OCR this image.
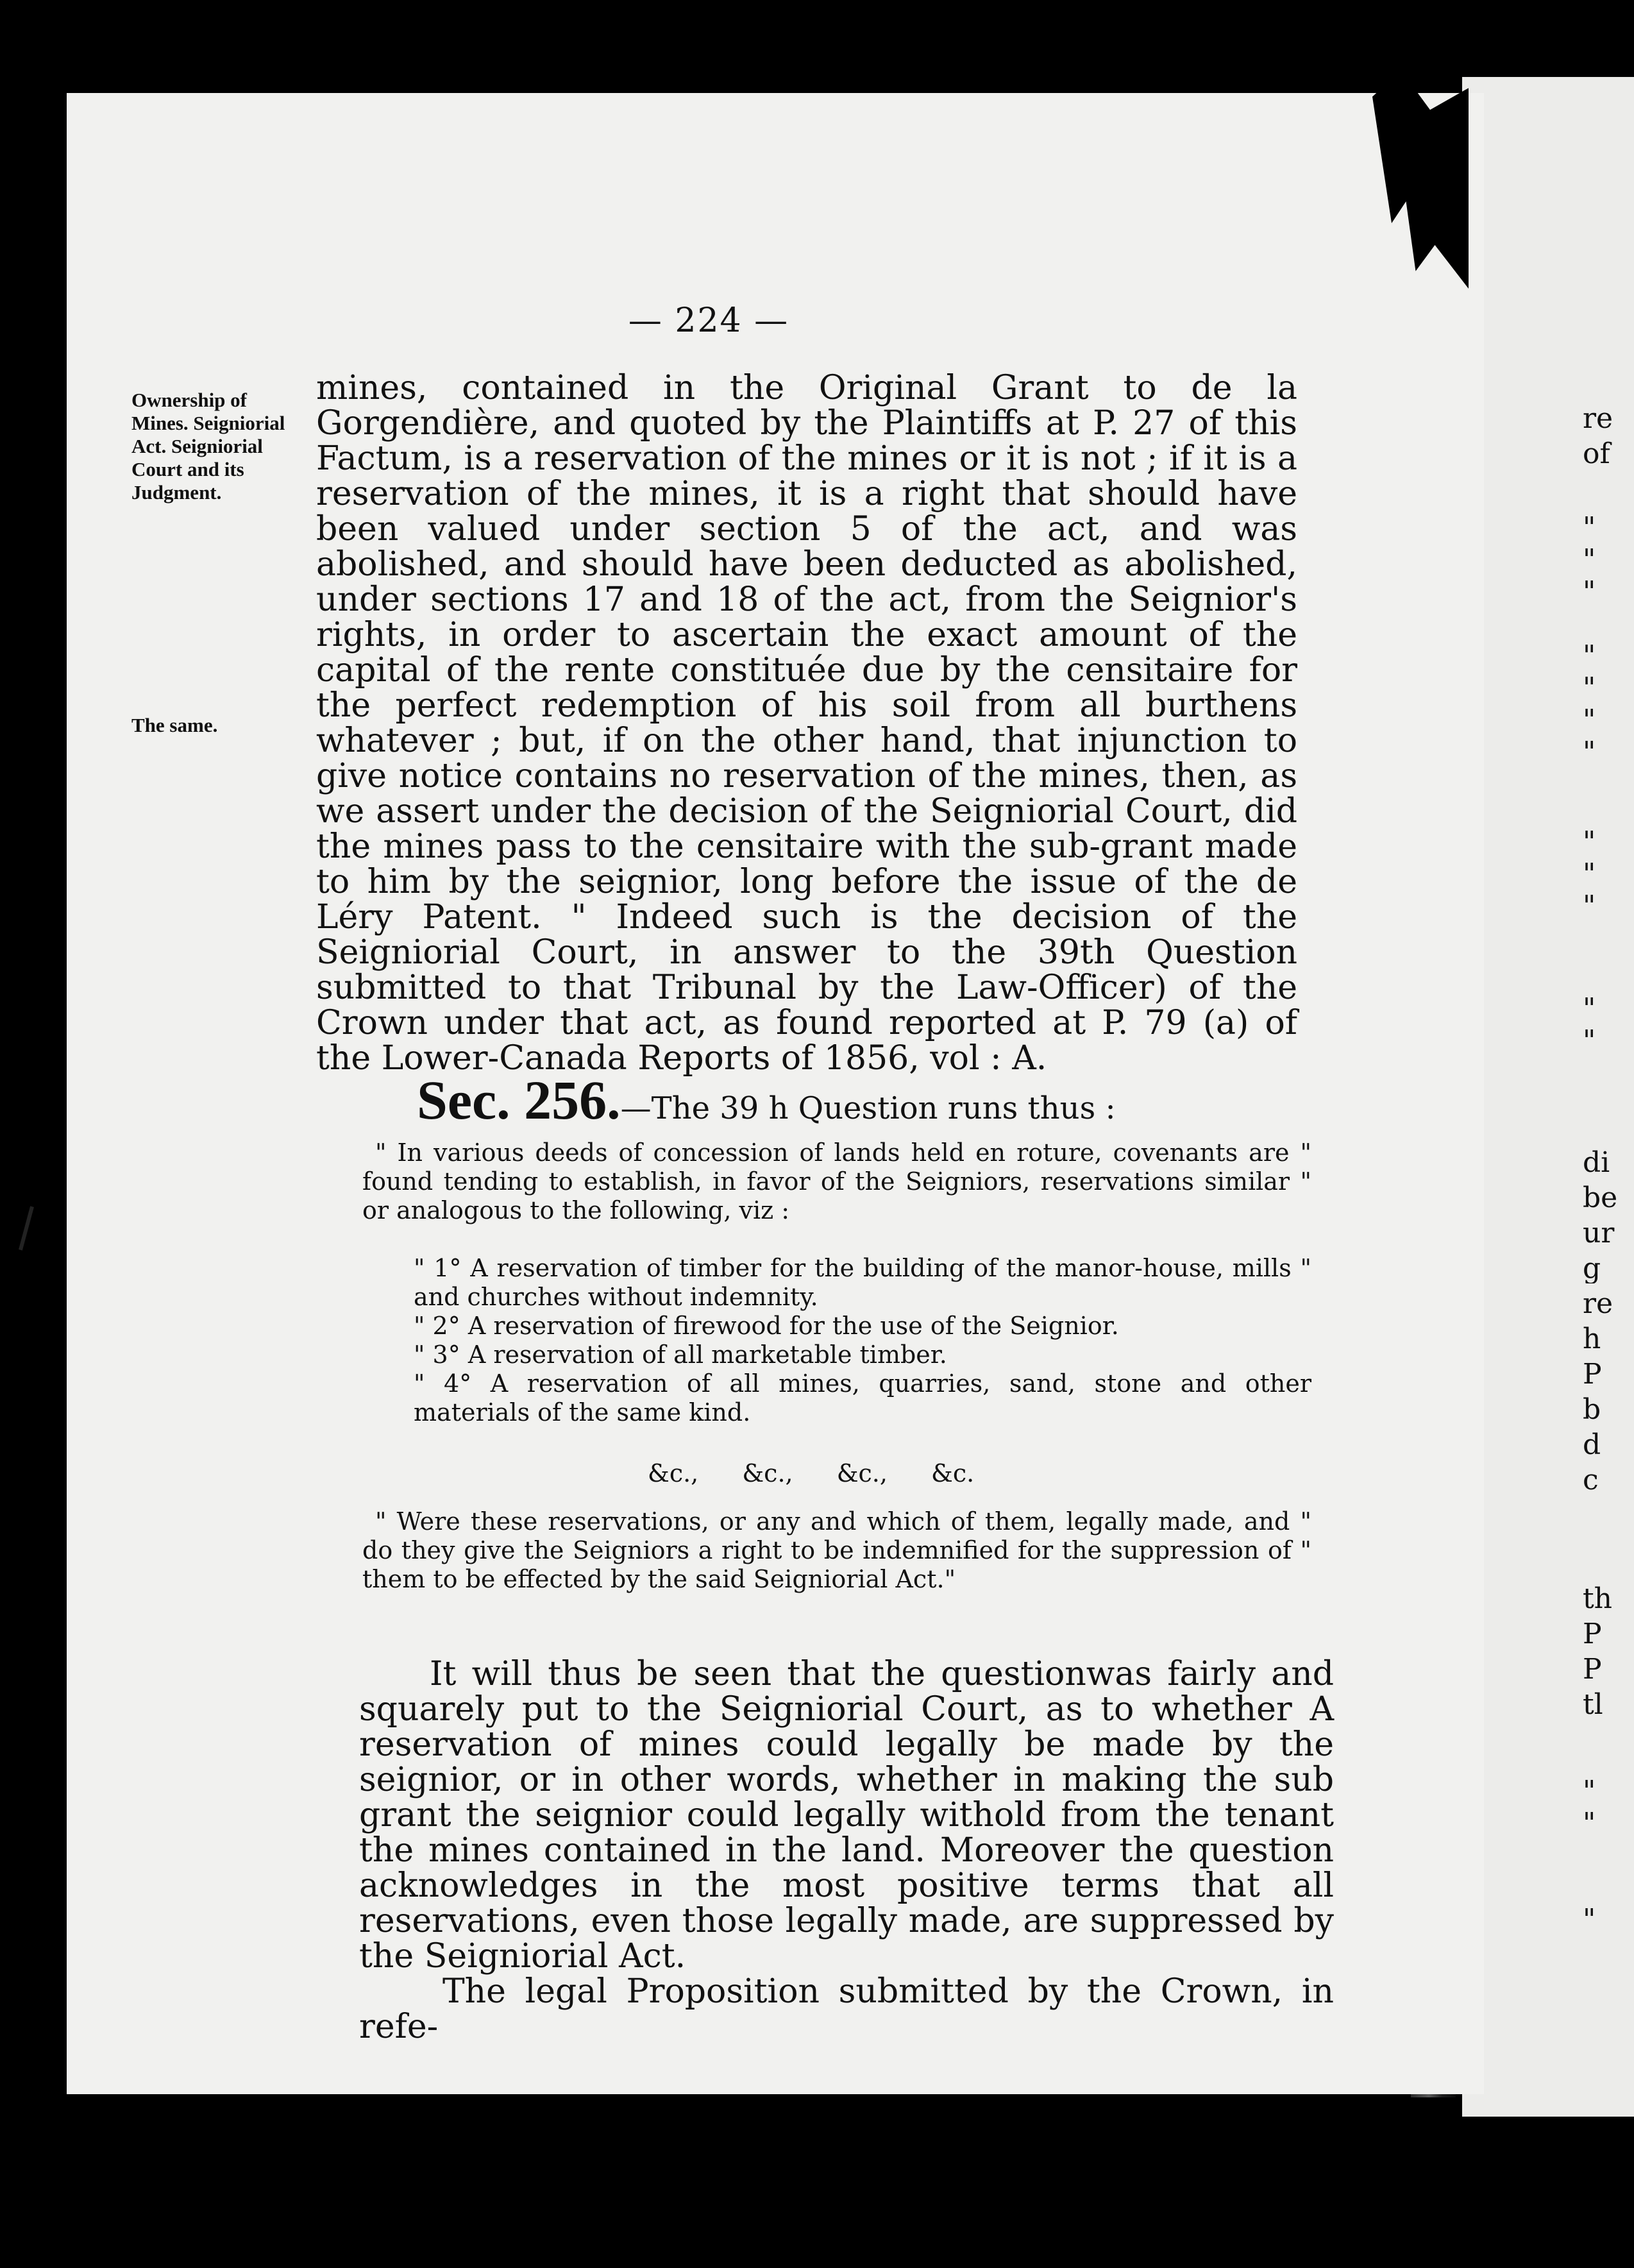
— 224 —
Ownership of Mines. Seigniorial Act. Seigniorial Court and its Judgment.
The same.

mines, contained in the Original Grant to de la Gorgendière, and quoted by the Plaintiffs at P. 27 of this Factum, is a reservation of the mines or it is not ; if it is a reservation of the mines, it is a right that should have been valued under section 5 of the act, and was abolished, and should have been deducted as abolished, under sections 17 and 18 of the act, from the Seignior's rights, in order to ascertain the exact amount of the capital of the rente constituée due by the censitaire for the perfect redemption of his soil from all burthens whatever ; but, if on the other hand, that injunction to give notice contains no reservation of the mines, then, as we assert under the decision of the Seigniorial Court, did the mines pass to the censitaire with the sub-grant made to him by the seignior, long before the issue of the de Léry Patent. " Indeed such is the decision of the Seigniorial Court, in answer to the 39th Question submitted to that Tribunal by the Law-Officer) of the Crown under that act, as found reported at P. 79 (a) of the Lower-Canada Reports of 1856, vol : A.

Sec. 256.—The 39 h Question runs thus :

" In various deeds of concession of lands held en roture, covenants are " found tending to establish, in favor of the Seigniors, reservations similar " or analogous to the following, viz :

" 1° A reservation of timber for the building of the manor-house, mills " and churches without indemnity.

" 2° A reservation of firewood for the use of the Seignior.

" 3° A reservation of all marketable timber.

" 4° A reservation of all mines, quarries, sand, stone and other materials of the same kind.

&c., &c., &c., &c.

" Were these reservations, or any and which of them, legally made, and " do they give the Seigniors a right to be indemnified for the suppression of " them to be effected by the said Seigniorial Act."

It will thus be seen that the questionwas fairly and squarely put to the Seigniorial Court, as to whether A reservation of mines could legally be made by the seignior, or in other words, whether in making the sub grant the seignior could legally withold from the tenant the mines contained in the land. Moreover the question acknowledges in the most positive terms that all reservations, even those legally made, are suppressed by the Seigniorial Act.

The legal Proposition submitted by the Crown, in refe-

re
of
"
"
"
"
"
"
"
"
"
"
"
"
di
be
ur
g
re
h
P
b
d
c
th
P
P
tl
"
"
"
